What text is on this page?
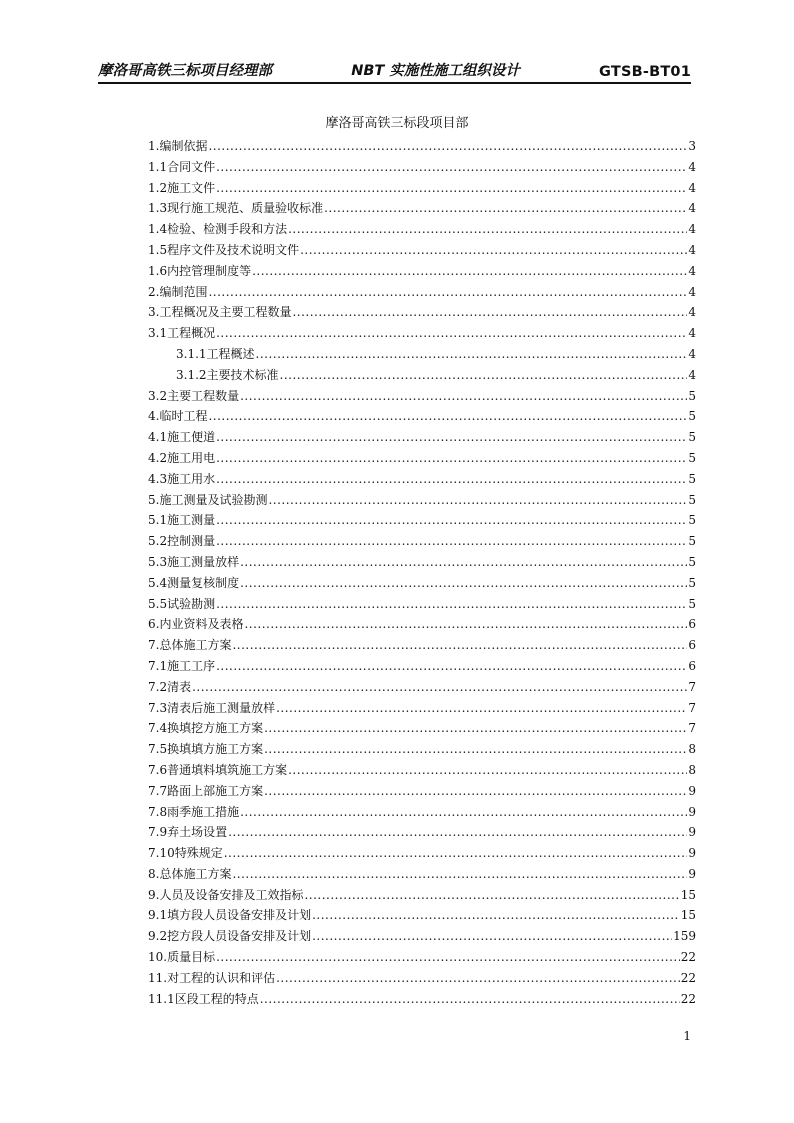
摩洛哥高铁三标项目经理部	NBT 实施性施工组织设计	GTSB-BT01
摩洛哥高铁三标段项目部
1.编制依据 .....	3
1.1合同文件 .....	4
1.2施工文件 .....	4
1.3现行施工规范、质量验收标准 .....	4
1.4检验、检测手段和方法 .....	4
1.5程序文件及技术说明文件 .....	4
1.6内控管理制度等 .....	4
2.编制范围 .....	4
3.工程概况及主要工程数量 .....	4
3.1工程概况 .....	4
3.1.1工程概述 .....	4
3.1.2主要技术标准 .....	4
3.2主要工程数量 .....	5
4.临时工程 .....	5
4.1施工便道 .....	5
4.2施工用电 .....	5
4.3施工用水 .....	5
5.施工测量及试验勘测 .....	5
5.1施工测量 .....	5
5.2控制测量 .....	5
5.3施工测量放样 .....	5
5.4测量复核制度 .....	5
5.5试验勘测 .....	5
6.内业资料及表格 .....	6
7.总体施工方案 .....	6
7.1施工工序 .....	6
7.2清表 .....	7
7.3清表后施工测量放样 .....	7
7.4换填挖方施工方案 .....	7
7.5换填填方施工方案 .....	8
7.6普通填料填筑施工方案 .....	8
7.7路面上部施工方案 .....	9
7.8雨季施工措施 .....	9
7.9弃土场设置 .....	9
7.10特殊规定 .....	9
8.总体施工方案 .....	9
9.人员及设备安排及工效指标 .....	15
9.1填方段人员设备安排及计划 .....	15
9.2挖方段人员设备安排及计划 .....	159
10.质量目标 .....	22
11.对工程的认识和评估 .....	22
11.1区段工程的特点 .....	22
1
